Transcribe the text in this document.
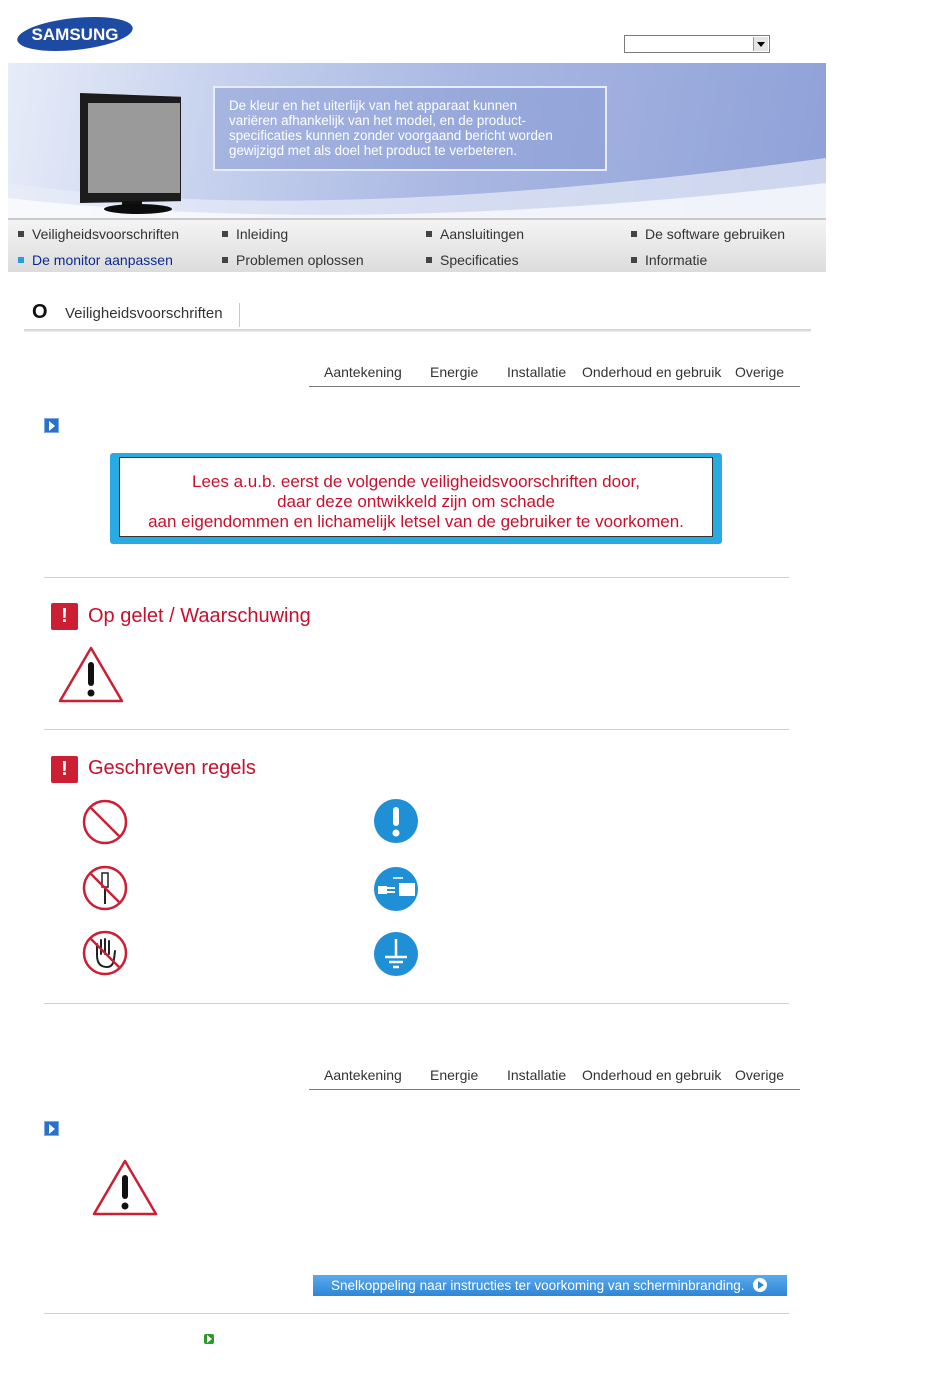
SAMSUNG
De kleur en het uiterlijk van het apparaat kunnen
variëren afhankelijk van het model, en de product-
specificaties kunnen zonder voorgaand bericht worden
gewijzigd met als doel het product te verbeteren.
Veiligheidsvoorschriften	Inleiding	Aansluitingen	De software gebruiken
De monitor aanpassen	Problemen oplossen	Specificaties	Informatie
O Veiligheidsvoorschriften
Aantekening Energie Installatie Onderhoud en gebruik Overige
Lees a.u.b. eerst de volgende veiligheidsvoorschriften door,
daar deze ontwikkeld zijn om schade
aan eigendommen en lichamelijk letsel van de gebruiker te voorkomen.
!	Op gelet / Waarschuwing
!	Geschreven regels
Aantekening Energie Installatie Onderhoud en gebruik Overige
Snelkoppeling naar instructies ter voorkoming van scherminbranding.
